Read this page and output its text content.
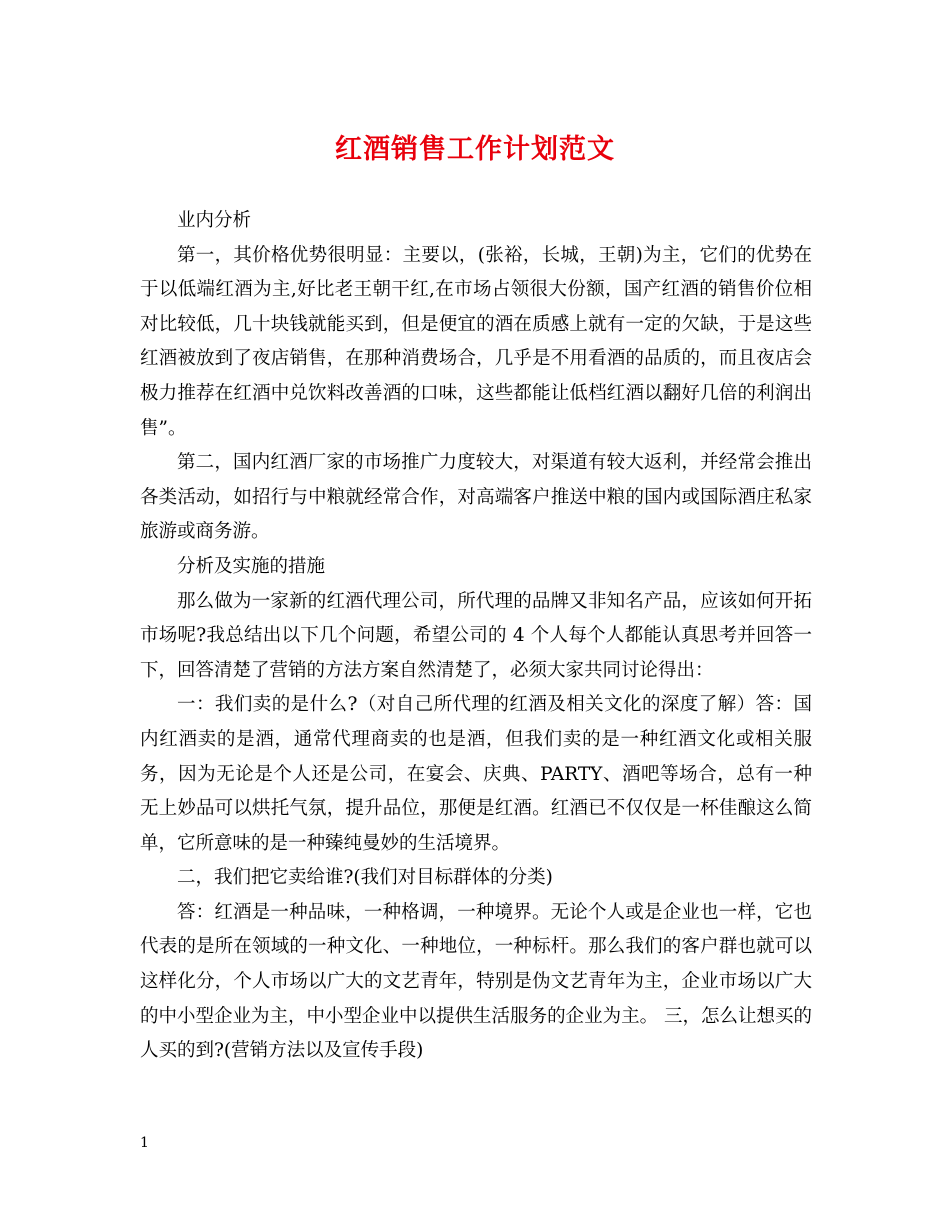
红酒销售工作计划范文

业内分析

第一，其价格优势很明显：主要以，(张裕，长城，王朝)为主，它们的优势在于以低端红酒为主,好比老王朝干红,在市场占领很大份额，国产红酒的销售价位相对比较低，几十块钱就能买到，但是便宜的酒在质感上就有一定的欠缺，于是这些红酒被放到了夜店销售，在那种消费场合，几乎是不用看酒的品质的，而且夜店会极力推荐在红酒中兑饮料改善酒的口味，这些都能让低档红酒以翻好几倍的利润出售”。

第二，国内红酒厂家的市场推广力度较大，对渠道有较大返利，并经常会推出各类活动，如招行与中粮就经常合作，对高端客户推送中粮的国内或国际酒庄私家旅游或商务游。

分析及实施的措施

那么做为一家新的红酒代理公司，所代理的品牌又非知名产品，应该如何开拓市场呢?我总结出以下几个问题，希望公司的 4 个人每个人都能认真思考并回答一下，回答清楚了营销的方法方案自然清楚了，必须大家共同讨论得出：

一：我们卖的是什么?（对自己所代理的红酒及相关文化的深度了解）答：国内红酒卖的是酒，通常代理商卖的也是酒，但我们卖的是一种红酒文化或相关服务，因为无论是个人还是公司，在宴会、庆典、PARTY、酒吧等场合，总有一种无上妙品可以烘托气氛，提升品位，那便是红酒。红酒已不仅仅是一杯佳酿这么简单，它所意味的是一种臻纯曼妙的生活境界。

二，我们把它卖给谁?(我们对目标群体的分类)

答：红酒是一种品味，一种格调，一种境界。无论个人或是企业也一样，它也代表的是所在领域的一种文化、一种地位，一种标杆。那么我们的客户群也就可以这样化分，个人市场以广大的文艺青年，特别是伪文艺青年为主，企业市场以广大的中小型企业为主，中小型企业中以提供生活服务的企业为主。 三，怎么让想买的人买的到?(营销方法以及宣传手段)

1
